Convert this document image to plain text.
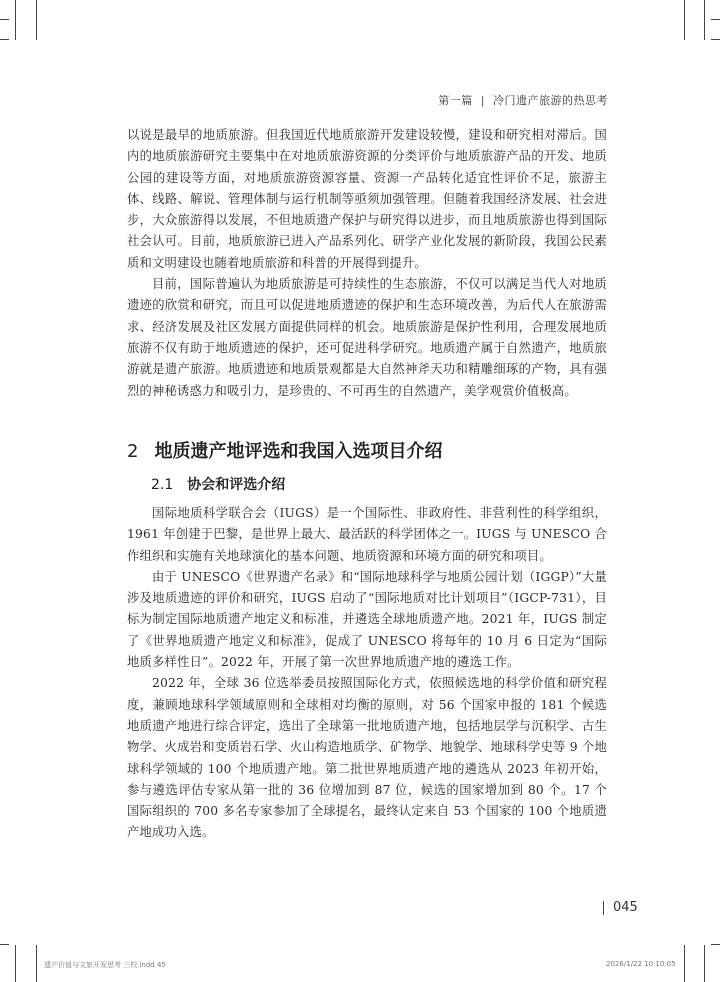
第一篇 | 冷门遗产旅游的热思考

以说是最早的地质旅游。但我国近代地质旅游开发建设较慢，建设和研究相对滞后。国内的地质旅游研究主要集中在对地质旅游资源的分类评价与地质旅游产品的开发、地质公园的建设等方面，对地质旅游资源容量、资源一产品转化适宜性评价不足，旅游主体、线路、解说、管理体制与运行机制等亟须加强管理。但随着我国经济发展、社会进步，大众旅游得以发展，不但地质遗产保护与研究得以进步，而且地质旅游也得到国际社会认可。目前，地质旅游已进入产品系列化、研学产业化发展的新阶段，我国公民素质和文明建设也随着地质旅游和科普的开展得到提升。

目前，国际普遍认为地质旅游是可持续性的生态旅游，不仅可以满足当代人对地质遗迹的欣赏和研究，而且可以促进地质遗迹的保护和生态环境改善，为后代人在旅游需求、经济发展及社区发展方面提供同样的机会。地质旅游是保护性利用，合理发展地质旅游不仅有助于地质遗迹的保护，还可促进科学研究。地质遗产属于自然遗产，地质旅游就是遗产旅游。地质遗迹和地质景观都是大自然神斧天功和精雕细琢的产物，具有强烈的神秘诱惑力和吸引力，是珍贵的、不可再生的自然遗产，美学观赏价值极高。

2 地质遗产地评选和我国入选项目介绍
2.1 协会和评选介绍

国际地质科学联合会（IUGS）是一个国际性、非政府性、非营利性的科学组织，1961 年创建于巴黎，是世界上最大、最活跃的科学团体之一。IUGS 与 UNESCO 合作组织和实施有关地球演化的基本问题、地质资源和环境方面的研究和项目。

由于 UNESCO《世界遗产名录》和“国际地球科学与地质公园计划（IGGP）”大量涉及地质遗迹的评价和研究，IUGS 启动了“国际地质对比计划项目”（IGCP-731），目标为制定国际地质遗产地定义和标准，并遴选全球地质遗产地。2021 年，IUGS 制定了《世界地质遗产地定义和标准》，促成了 UNESCO 将每年的 10 月 6 日定为“国际地质多样性日”。2022 年，开展了第一次世界地质遗产地的遴选工作。

2022 年，全球 36 位选举委员按照国际化方式，依照候选地的科学价值和研究程度，兼顾地球科学领域原则和全球相对均衡的原则，对 56 个国家申报的 181 个候选地质遗产地进行综合评定，选出了全球第一批地质遗产地，包括地层学与沉积学、古生物学、火成岩和变质岩石学、火山构造地质学、矿物学、地貌学、地球科学史等 9 个地球科学领域的 100 个地质遗产地。第二批世界地质遗产地的遴选从 2023 年初开始，参与遴选评估专家从第一批的 36 位增加到 87 位，候选的国家增加到 80 个。17 个国际组织的 700 多名专家参加了全球提名，最终认定来自 53 个国家的 100 个地质遗产地成功入选。

045
遗产价值与文旅开发思考 三校.indd 45	2026/1/22 10:10:05
